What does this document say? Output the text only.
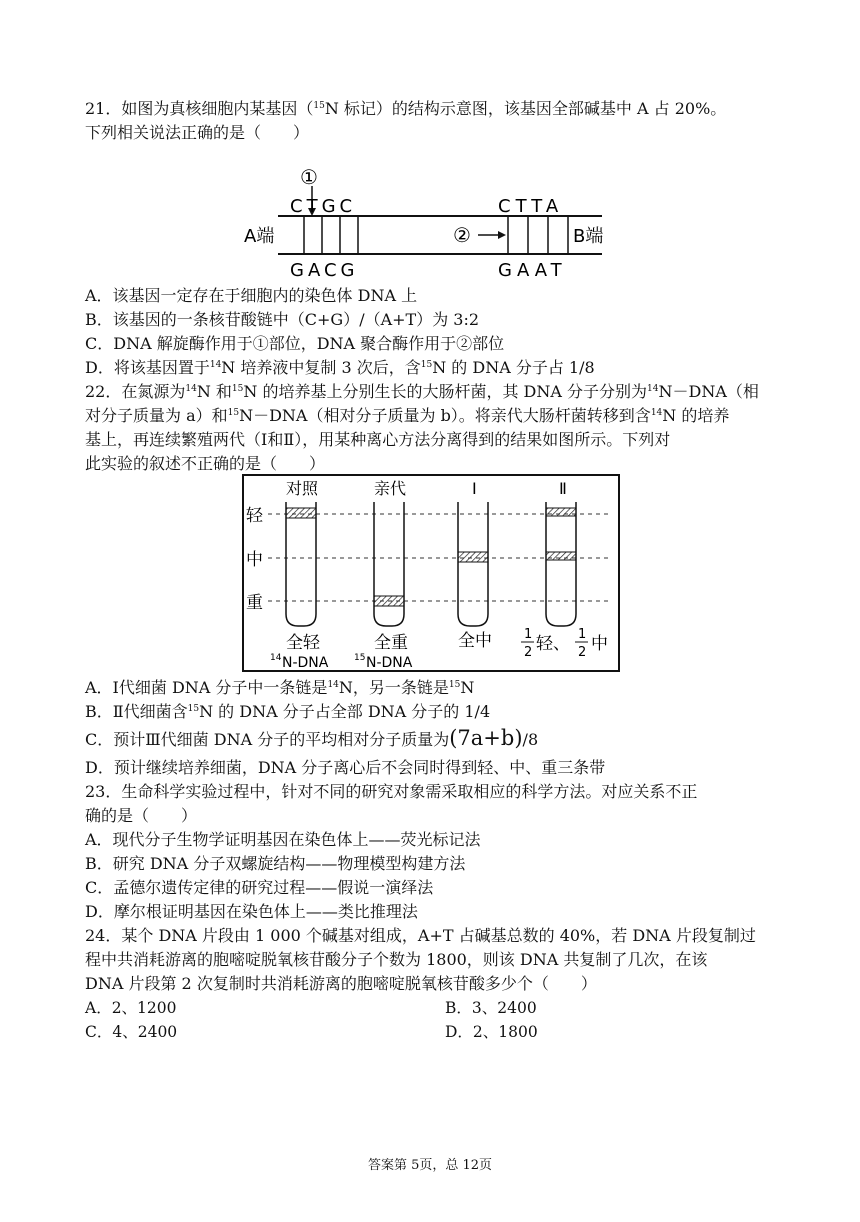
21．如图为真核细胞内某基因（$^{15}$N 标记）的结构示意图，该基因全部碱基中 A 占 20%。
下列相关说法正确的是（　　）
①
②
CTGC	CTTA
GACG	GAAT
A端	B端
A．该基因一定存在于细胞内的染色体 DNA 上
B．该基因的一条核苷酸链中（C+G）/（A+T）为 3:2
C．DNA 解旋酶作用于①部位，DNA 聚合酶作用于②部位
D．将该基因置于$^{14}$N 培养液中复制 3 次后，含$^{15}$N 的 DNA 分子占 1/8
22．在氮源为$^{14}$N 和$^{15}$N 的培养基上分别生长的大肠杆菌，其 DNA 分子分别为$^{14}$N－DNA（相
对分子质量为 a）和$^{15}$N－DNA（相对分子质量为 b）。将亲代大肠杆菌转移到含$^{14}$N 的培养
基上，再连续繁殖两代（Ⅰ和Ⅱ），用某种离心方法分离得到的结果如图所示。下列对
此实验的叙述不正确的是（　　）
轻
中
重
对照	亲代	Ⅰ	Ⅱ
全轻	全重	全中 1
2 轻、 1
2 中
14 N-DNA	15 N-DNA
A．Ⅰ代细菌 DNA 分子中一条链是$^{14}$N，另一条链是$^{15}$N
B．Ⅱ代细菌含$^{15}$N 的 DNA 分子占全部 DNA 分子的 1/4
C．预计Ⅲ代细菌 DNA 分子的平均相对分子质量为(7a+b)/8
D．预计继续培养细菌，DNA 分子离心后不会同时得到轻、中、重三条带
23．生命科学实验过程中，针对不同的研究对象需采取相应的科学方法。对应关系不正
确的是（　　）
A．现代分子生物学证明基因在染色体上——荧光标记法
B．研究 DNA 分子双螺旋结构——物理模型构建方法
C．孟德尔遗传定律的研究过程——假说一演绎法
D．摩尔根证明基因在染色体上——类比推理法
24．某个 DNA 片段由 1 000 个碱基对组成，A+T 占碱基总数的 40%，若 DNA 片段复制过
程中共消耗游离的胞嘧啶脱氧核苷酸分子个数为 1800，则该 DNA 共复制了几次，在该
DNA 片段第 2 次复制时共消耗游离的胞嘧啶脱氧核苷酸多少个（　　）
A．2、1200	B．3、2400
C．4、2400	D．2、1800
答案第 5页，总 12页
